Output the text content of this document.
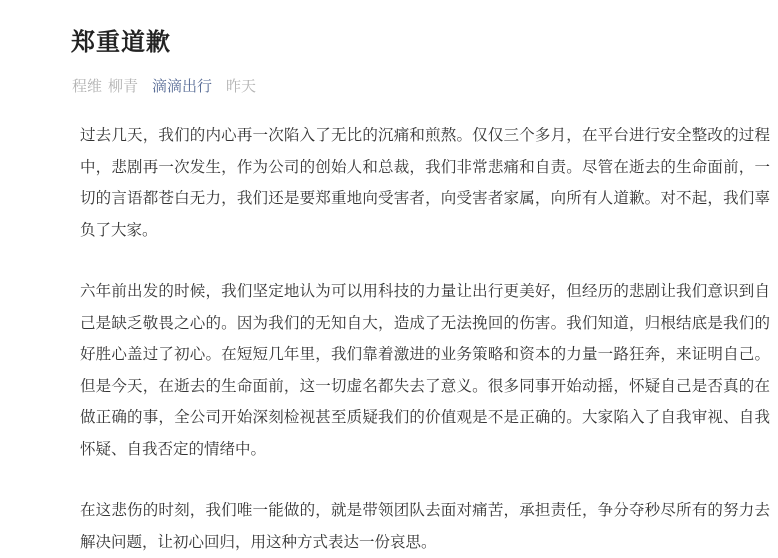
郑重道歉
程维 柳青 滴滴出行 昨天

过去几天，我们的内心再一次陷入了无比的沉痛和煎熬。仅仅三个多月，在平台进行安全整改的过程中，悲剧再一次发生，作为公司的创始人和总裁，我们非常悲痛和自责。尽管在逝去的生命面前，一切的言语都苍白无力，我们还是要郑重地向受害者，向受害者家属，向所有人道歉。对不起，我们辜负了大家。

六年前出发的时候，我们坚定地认为可以用科技的力量让出行更美好，但经历的悲剧让我们意识到自己是缺乏敬畏之心的。因为我们的无知自大，造成了无法挽回的伤害。我们知道，归根结底是我们的好胜心盖过了初心。在短短几年里，我们靠着激进的业务策略和资本的力量一路狂奔，来证明自己。但是今天，在逝去的生命面前，这一切虚名都失去了意义。很多同事开始动摇，怀疑自己是否真的在做正确的事，全公司开始深刻检视甚至质疑我们的价值观是不是正确的。大家陷入了自我审视、自我怀疑、自我否定的情绪中。

在这悲伤的时刻，我们唯一能做的，就是带领团队去面对痛苦，承担责任，争分夺秒尽所有的努力去解决问题，让初心回归，用这种方式表达一份哀思。
